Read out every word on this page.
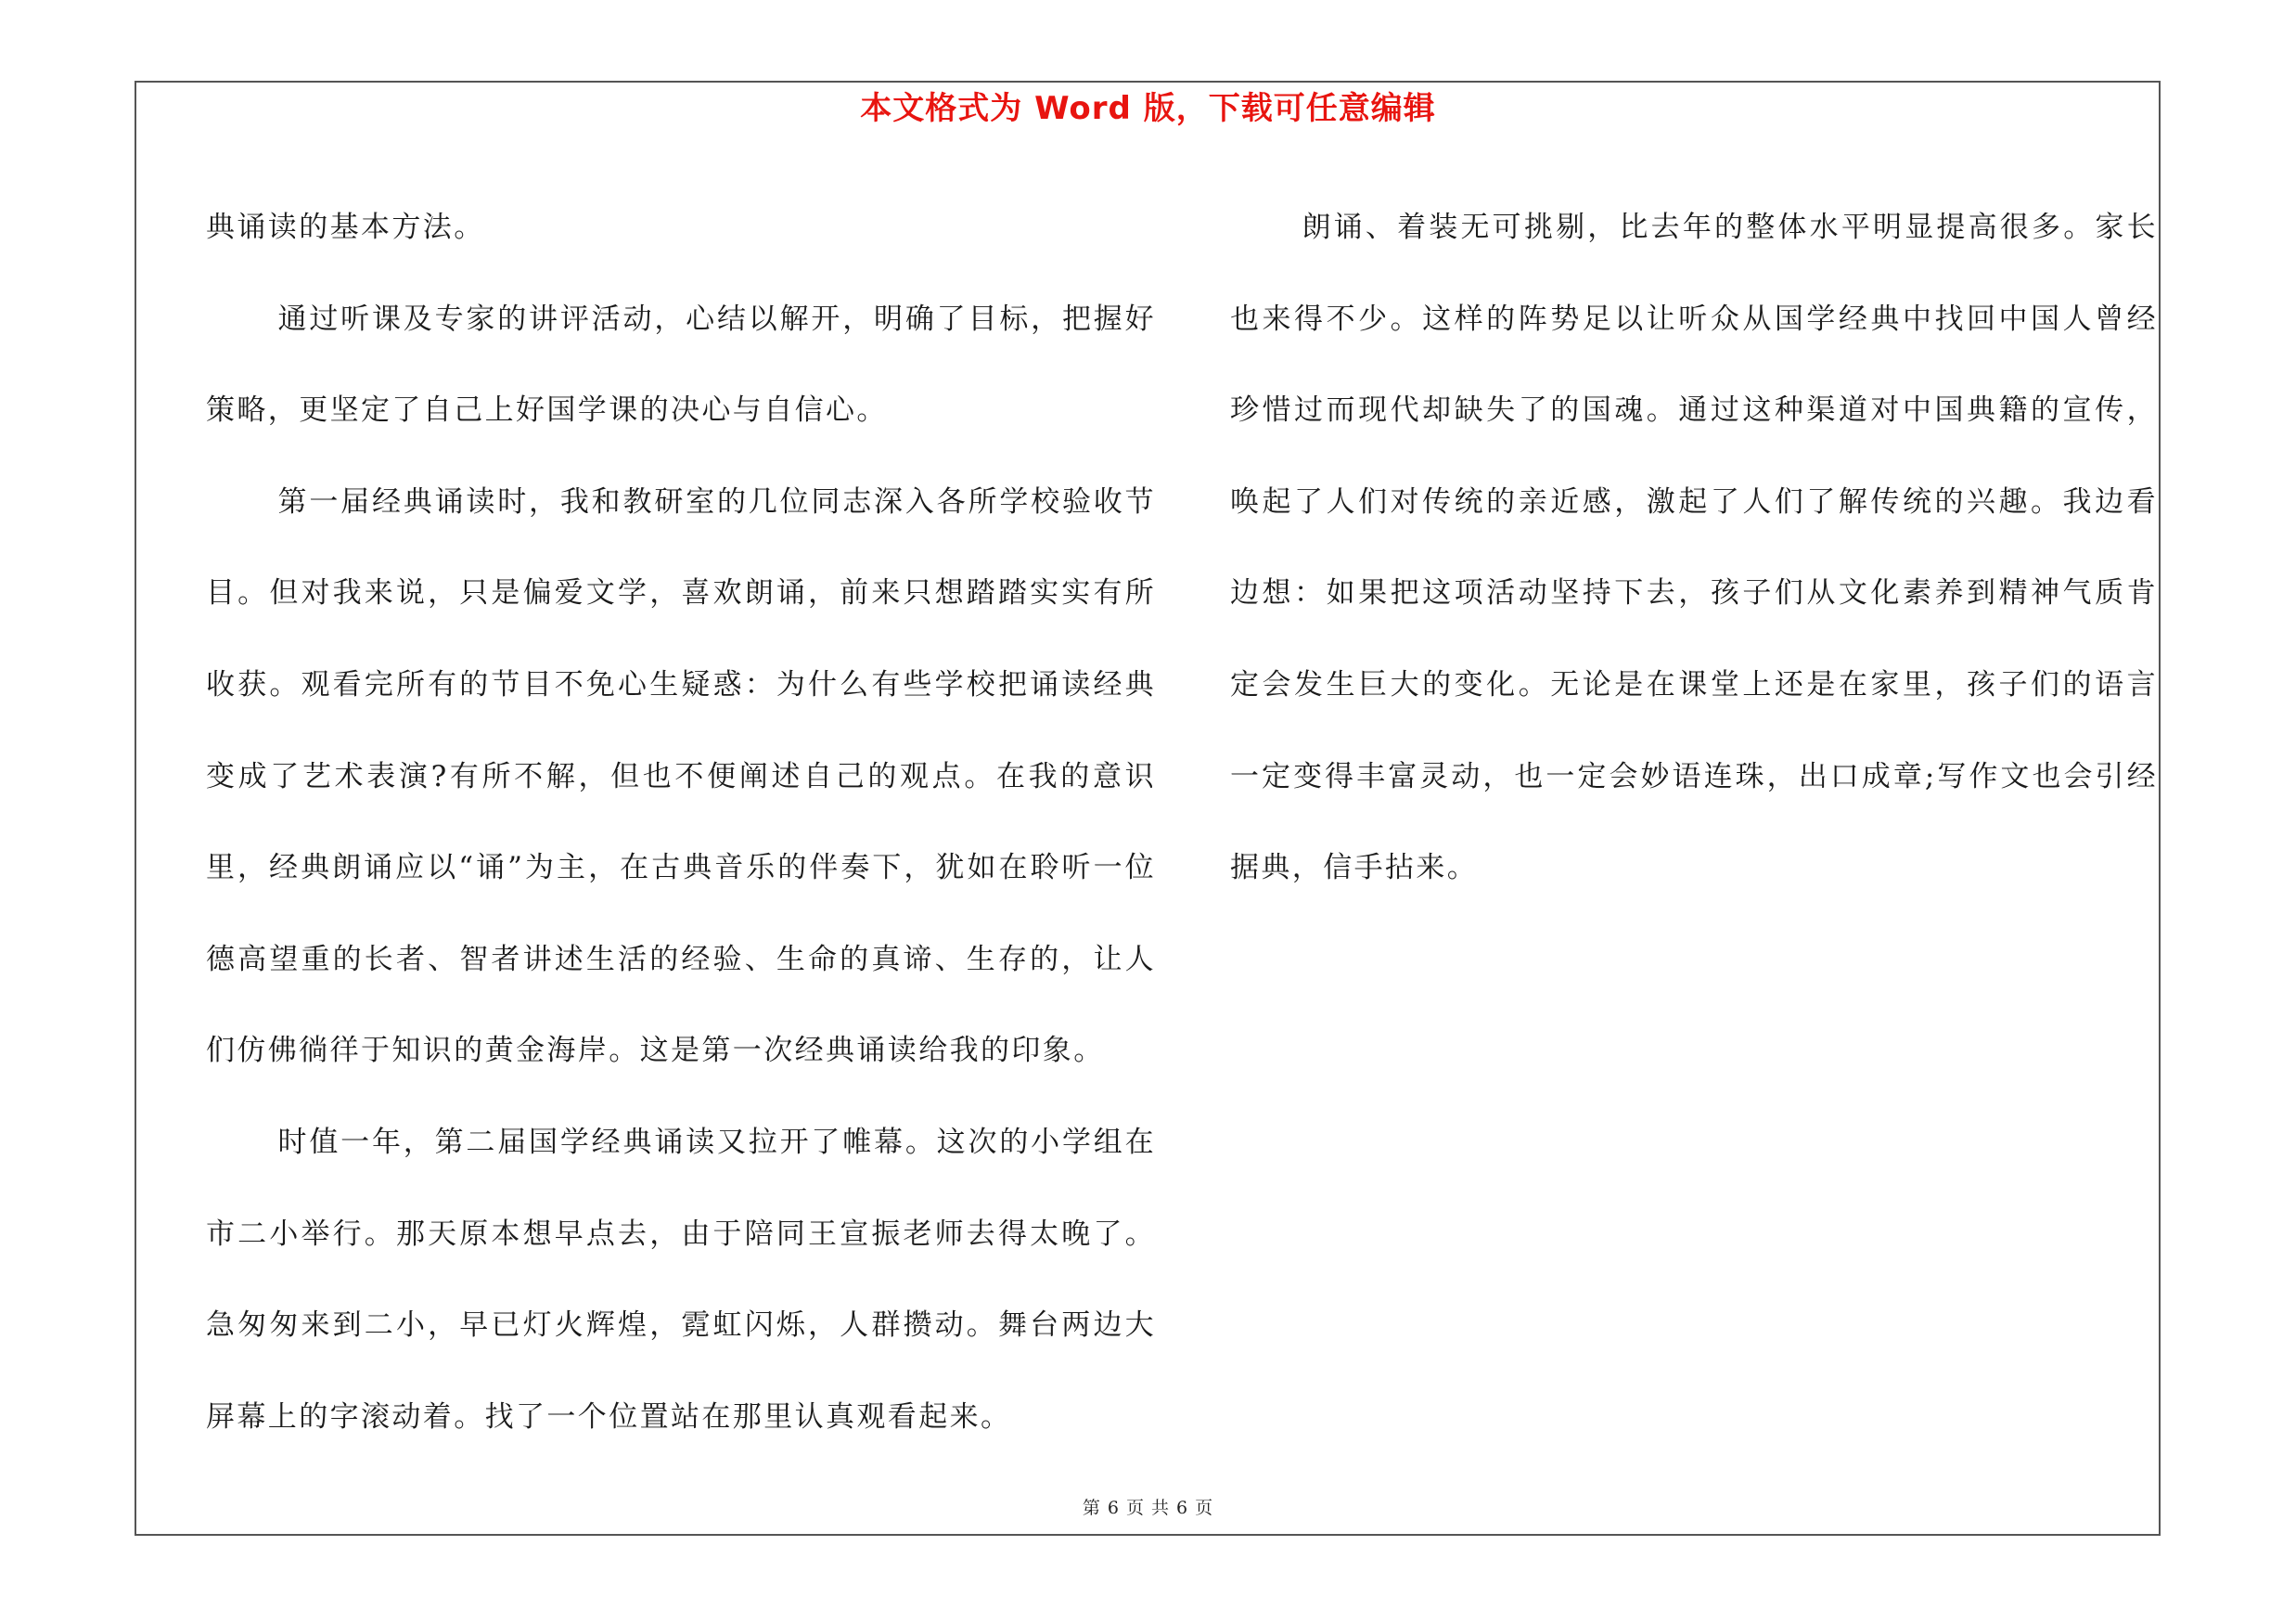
本文格式为 Word 版，下载可任意编辑

典诵读的基本方法。

通过听课及专家的讲评活动，心结以解开，明确了目标，把握好策略，更坚定了自己上好国学课的决心与自信心。

第一届经典诵读时，我和教研室的几位同志深入各所学校验收节目。但对我来说，只是偏爱文学，喜欢朗诵，前来只想踏踏实实有所收获。观看完所有的节目不免心生疑惑：为什么有些学校把诵读经典变成了艺术表演?有所不解，但也不便阐述自己的观点。在我的意识里，经典朗诵应以“诵”为主，在古典音乐的伴奏下，犹如在聆听一位德高望重的长者、智者讲述生活的经验、生命的真谛、生存的，让人们仿佛徜徉于知识的黄金海岸。这是第一次经典诵读给我的印象。

时值一年，第二届国学经典诵读又拉开了帷幕。这次的小学组在市二小举行。那天原本想早点去，由于陪同王宣振老师去得太晚了。急匆匆来到二小，早已灯火辉煌，霓虹闪烁，人群攒动。舞台两边大屏幕上的字滚动着。找了一个位置站在那里认真观看起来。

朗诵、着装无可挑剔，比去年的整体水平明显提高很多。家长也来得不少。这样的阵势足以让听众从国学经典中找回中国人曾经珍惜过而现代却缺失了的国魂。通过这种渠道对中国典籍的宣传，唤起了人们对传统的亲近感，激起了人们了解传统的兴趣。我边看边想：如果把这项活动坚持下去，孩子们从文化素养到精神气质肯定会发生巨大的变化。无论是在课堂上还是在家里，孩子们的语言一定变得丰富灵动，也一定会妙语连珠，出口成章;写作文也会引经据典，信手拈来。

第 6 页 共 6 页
